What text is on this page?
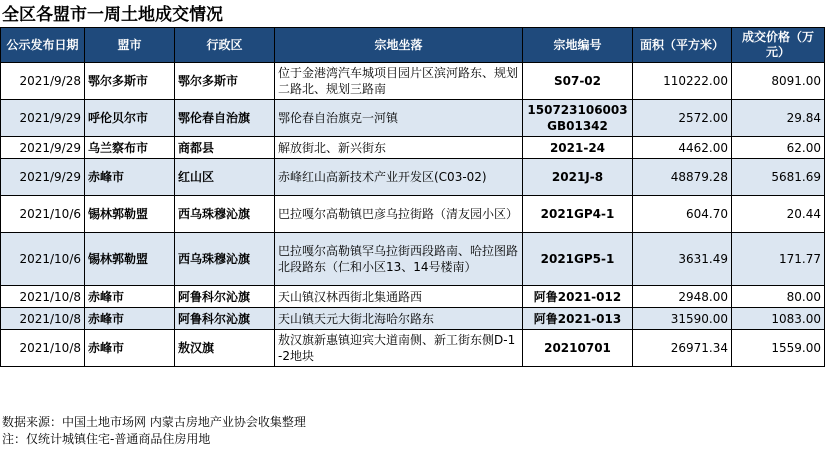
全区各盟市一周土地成交情况
公示发布日期	盟市	行政区	宗地坐落	宗地编号	面积（平方米）	成交价格（万元）
2021/9/28	鄂尔多斯市	鄂尔多斯市	位于金港湾汽车城项目园片区滨河路东、规划二路北、规划三路南	S07-02	110222.00	8091.00
2021/9/29	呼伦贝尔市	鄂伦春自治旗	鄂伦春自治旗克一河镇	150723106003GB01342	2572.00	29.84
2021/9/29	乌兰察布市	商都县	解放街北、新兴街东	2021-24	4462.00	62.00
2021/9/29	赤峰市	红山区	赤峰红山高新技术产业开发区(C03-02)	2021J-8	48879.28	5681.69
2021/10/6	锡林郭勒盟	西乌珠穆沁旗	巴拉嘎尔高勒镇巴彦乌拉街路（清友园小区）	2021GP4-1	604.70	20.44
2021/10/6	锡林郭勒盟	西乌珠穆沁旗	巴拉嘎尔高勒镇罕乌拉街西段路南、哈拉图路北段路东（仁和小区13、14号楼南）	2021GP5-1	3631.49	171.77
2021/10/8	赤峰市	阿鲁科尔沁旗	天山镇汉林西街北集通路西	阿鲁2021-012	2948.00	80.00
2021/10/8	赤峰市	阿鲁科尔沁旗	天山镇天元大街北海哈尔路东	阿鲁2021-013	31590.00	1083.00
2021/10/8	赤峰市	敖汉旗	敖汉旗新惠镇迎宾大道南侧、新工街东侧D-1-2地块	20210701	26971.34	1559.00
数据来源：中国土地市场网 内蒙古房地产业协会收集整理
注：仅统计城镇住宅-普通商品住房用地
